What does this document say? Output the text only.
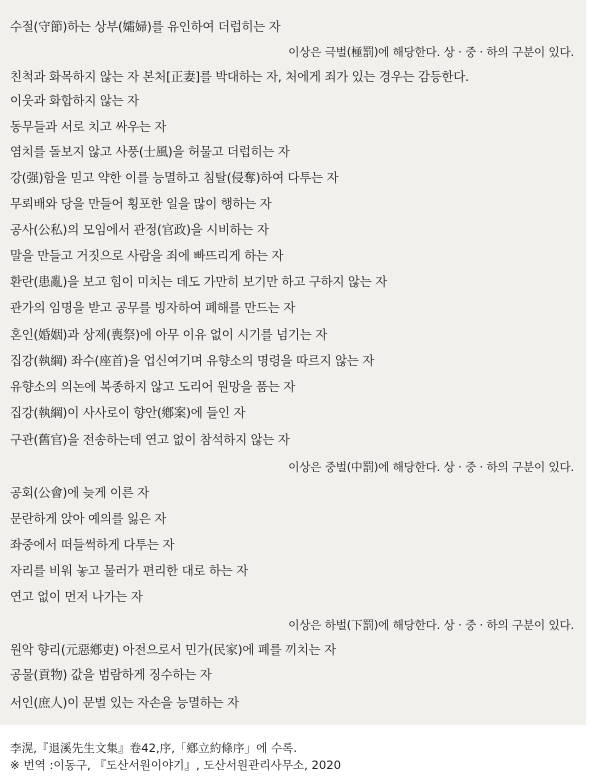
수절(守節)하는 상부(孀婦)를 유인하여 더럽히는 자
이상은 극벌(極罰)에 해당한다. 상 · 중 · 하의 구분이 있다.
친척과 화목하지 않는 자 본처[正妻]를 박대하는 자, 처에게 죄가 있는 경우는 감등한다.
이웃과 화합하지 않는 자
동무들과 서로 치고 싸우는 자
염치를 돌보지 않고 사풍(士風)을 허물고 더럽히는 자
강(强)함을 믿고 약한 이를 능멸하고 침탈(侵奪)하여 다투는 자
무뢰배와 당을 만들어 횡포한 일을 많이 행하는 자
공사(公私)의 모임에서 관정(官政)을 시비하는 자
말을 만들고 거짓으로 사람을 죄에 빠뜨리게 하는 자
환란(患亂)을 보고 힘이 미치는 데도 가만히 보기만 하고 구하지 않는 자
관가의 임명을 받고 공무를 빙자하여 폐해를 만드는 자
혼인(婚姻)과 상제(喪祭)에 아무 이유 없이 시기를 넘기는 자
집강(執綱) 좌수(座首)을 업신여기며 유향소의 명령을 따르지 않는 자
유향소의 의논에 복종하지 않고 도리어 원망을 품는 자
집강(執綱)이 사사로이 향안(鄕案)에 들인 자
구관(舊官)을 전송하는데 연고 없이 참석하지 않는 자
이상은 중벌(中罰)에 해당한다. 상 · 중 · 하의 구분이 있다.
공회(公會)에 늦게 이른 자
문란하게 앉아 예의를 잃은 자
좌중에서 떠들썩하게 다투는 자
자리를 비워 놓고 물러가 편리한 대로 하는 자
연고 없이 먼저 나가는 자
이상은 하벌(下罰)에 해당한다. 상 · 중 · 하의 구분이 있다.
원악 향리(元惡鄕吏) 아전으로서 민가(民家)에 폐를 끼치는 자
공물(貢物) 값을 범람하게 징수하는 자
서인(庶人)이 문벌 있는 자손을 능멸하는 자
李滉,『退溪先生文集』卷42,序,「鄕立約條序」에 수록.
※ 번역 :이동구, 『도산서원이야기』, 도산서원관리사무소, 2020
